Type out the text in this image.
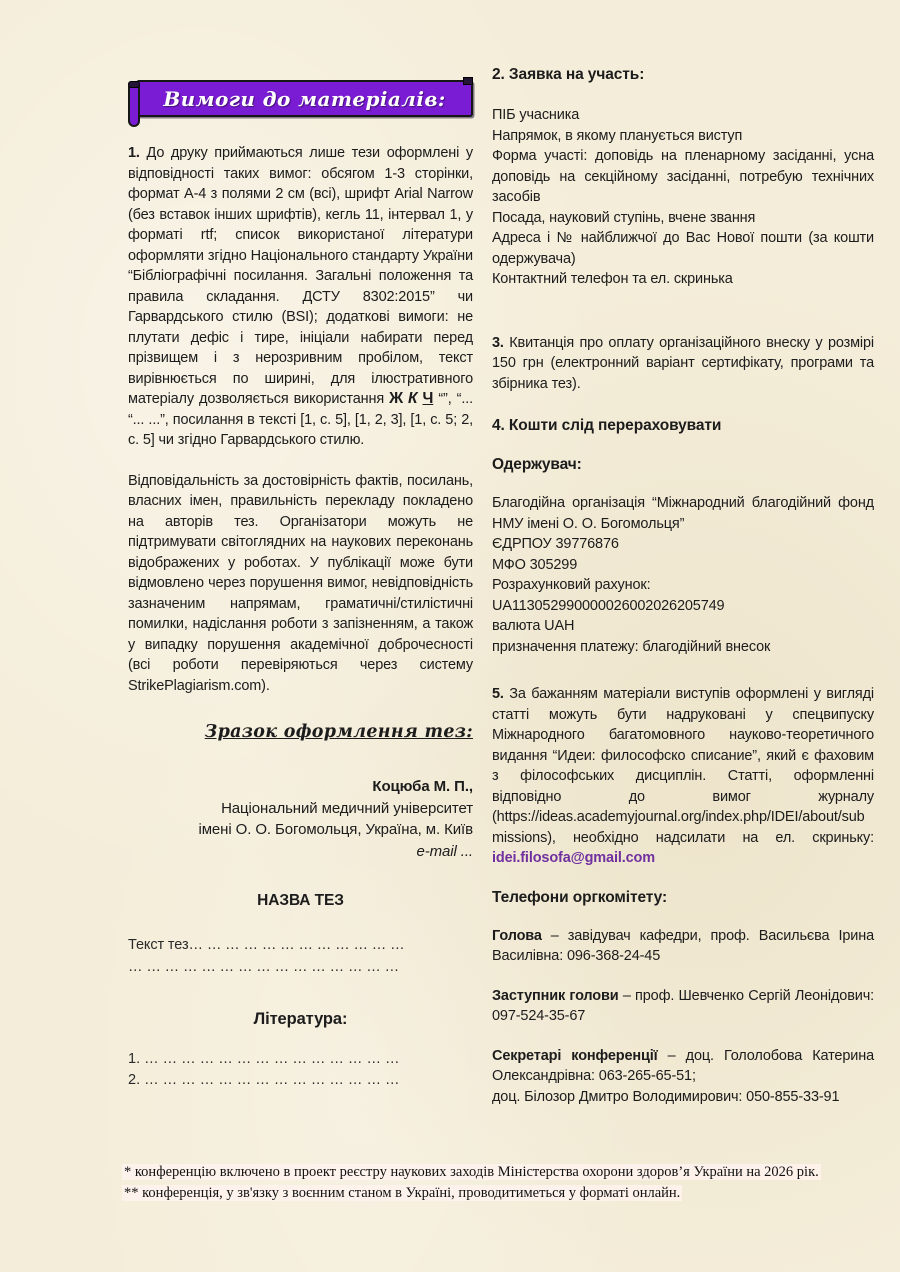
Вимоги до матеріалів:

1. До друку приймаються лише тези оформлені у відповідності таких вимог: обсягом 1-3 сторінки, формат А-4 з полями 2 см (всі), шрифт Arial Narrow (без вставок інших шрифтів), кегль 11, інтервал 1, у форматі rtf; список використаної літератури оформляти згідно Національного стандарту України “Бібліографічні посилання. Загальні положення та правила складання. ДСТУ 8302:2015” чи Гарвардського стилю (BSI); додаткові вимоги: не плутати дефіс і тире, ініціали набирати перед прізвищем і з нерозривним пробілом, текст вирівнюється по ширині, для ілюстративного матеріалу дозволяється використання Ж К Ч “”, “... “... ...”, посилання в тексті [1, с. 5], [1, 2, 3], [1, с. 5; 2, с. 5] чи згідно Гарвардського стилю.

Відповідальність за достовірність фактів, посилань, власних імен, правильність перекладу покладено на авторів тез. Організатори можуть не підтримувати світоглядних на наукових переконань відображених у роботах. У публікації може бути відмовлено через порушення вимог, невідповідність зазначеним напрямам, граматичні/стилістичні помилки, надіслання роботи з запізненням, а також у випадку порушення академічної доброчесності (всі роботи перевіряються через систему StrikePlagiarism.com).

Зразок оформлення тез:

Коцюба М. П.,
Національний медичний університет
імені О. О. Богомольця, Україна, м. Київ
e-mail ...
НАЗВА ТЕЗ
Текст тез… … … … … … … … … … … …
… … … … … … … … … … … … … … …
Література:
1. … … … … … … … … … … … … … …
2. … … … … … … … … … … … … … …

2. Заявка на участь:

ПІБ учасника
Напрямок, в якому планується виступ
Форма участі: доповідь на пленарному засіданні, усна доповідь на секційному засіданні, потребую технічних засобів
Посада, науковий ступінь, вчене звання
Адреса і № найближчої до Вас Нової пошти (за кошти одержувача)
Контактний телефон та ел. скринька

3. Квитанція про оплату організаційного внеску у розмірі 150 грн (електронний варіант сертифікату, програми та збірника тез).

4. Кошти слід перераховувати

Одержувач:

Благодійна організація “Міжнародний благодійний фонд НМУ імені О. О. Богомольця”
ЄДРПОУ 39776876
МФО 305299
Розрахунковий рахунок:
UA113052990000026002026205749
валюта UAH
призначення платежу: благодійний внесок

5. За бажанням матеріали виступів оформлені у вигляді статті можуть бути надруковані у спецвипуску Міжнародного багатомовного науково-теоретичного видання “Идеи: философско списание”, який є фаховим з філософських дисциплін. Статті, оформленні відповідно до вимог журналу (https://ideas.academyjournal.org/index.php/IDEI/about/submissions), необхідно надсилати на ел. скриньку: idei.filosofa@gmail.com

Телефони оргкомітету:

Голова – завідувач кафедри, проф. Васильєва Ірина Василівна: 096-368-24-45

Заступник голови – проф. Шевченко Сергій Леонідович: 097-524-35-67

Секретарі конференції – доц. Гололобова Катерина Олександрівна: 063-265-65-51;
доц. Білозор Дмитро Володимирович: 050-855-33-91

* конференцію включено в проект реєстру наукових заходів Міністерства охорони здоров’я України на 2026 рік.
** конференція, у зв'язку з воєнним станом в Україні, проводитиметься у форматі онлайн.
